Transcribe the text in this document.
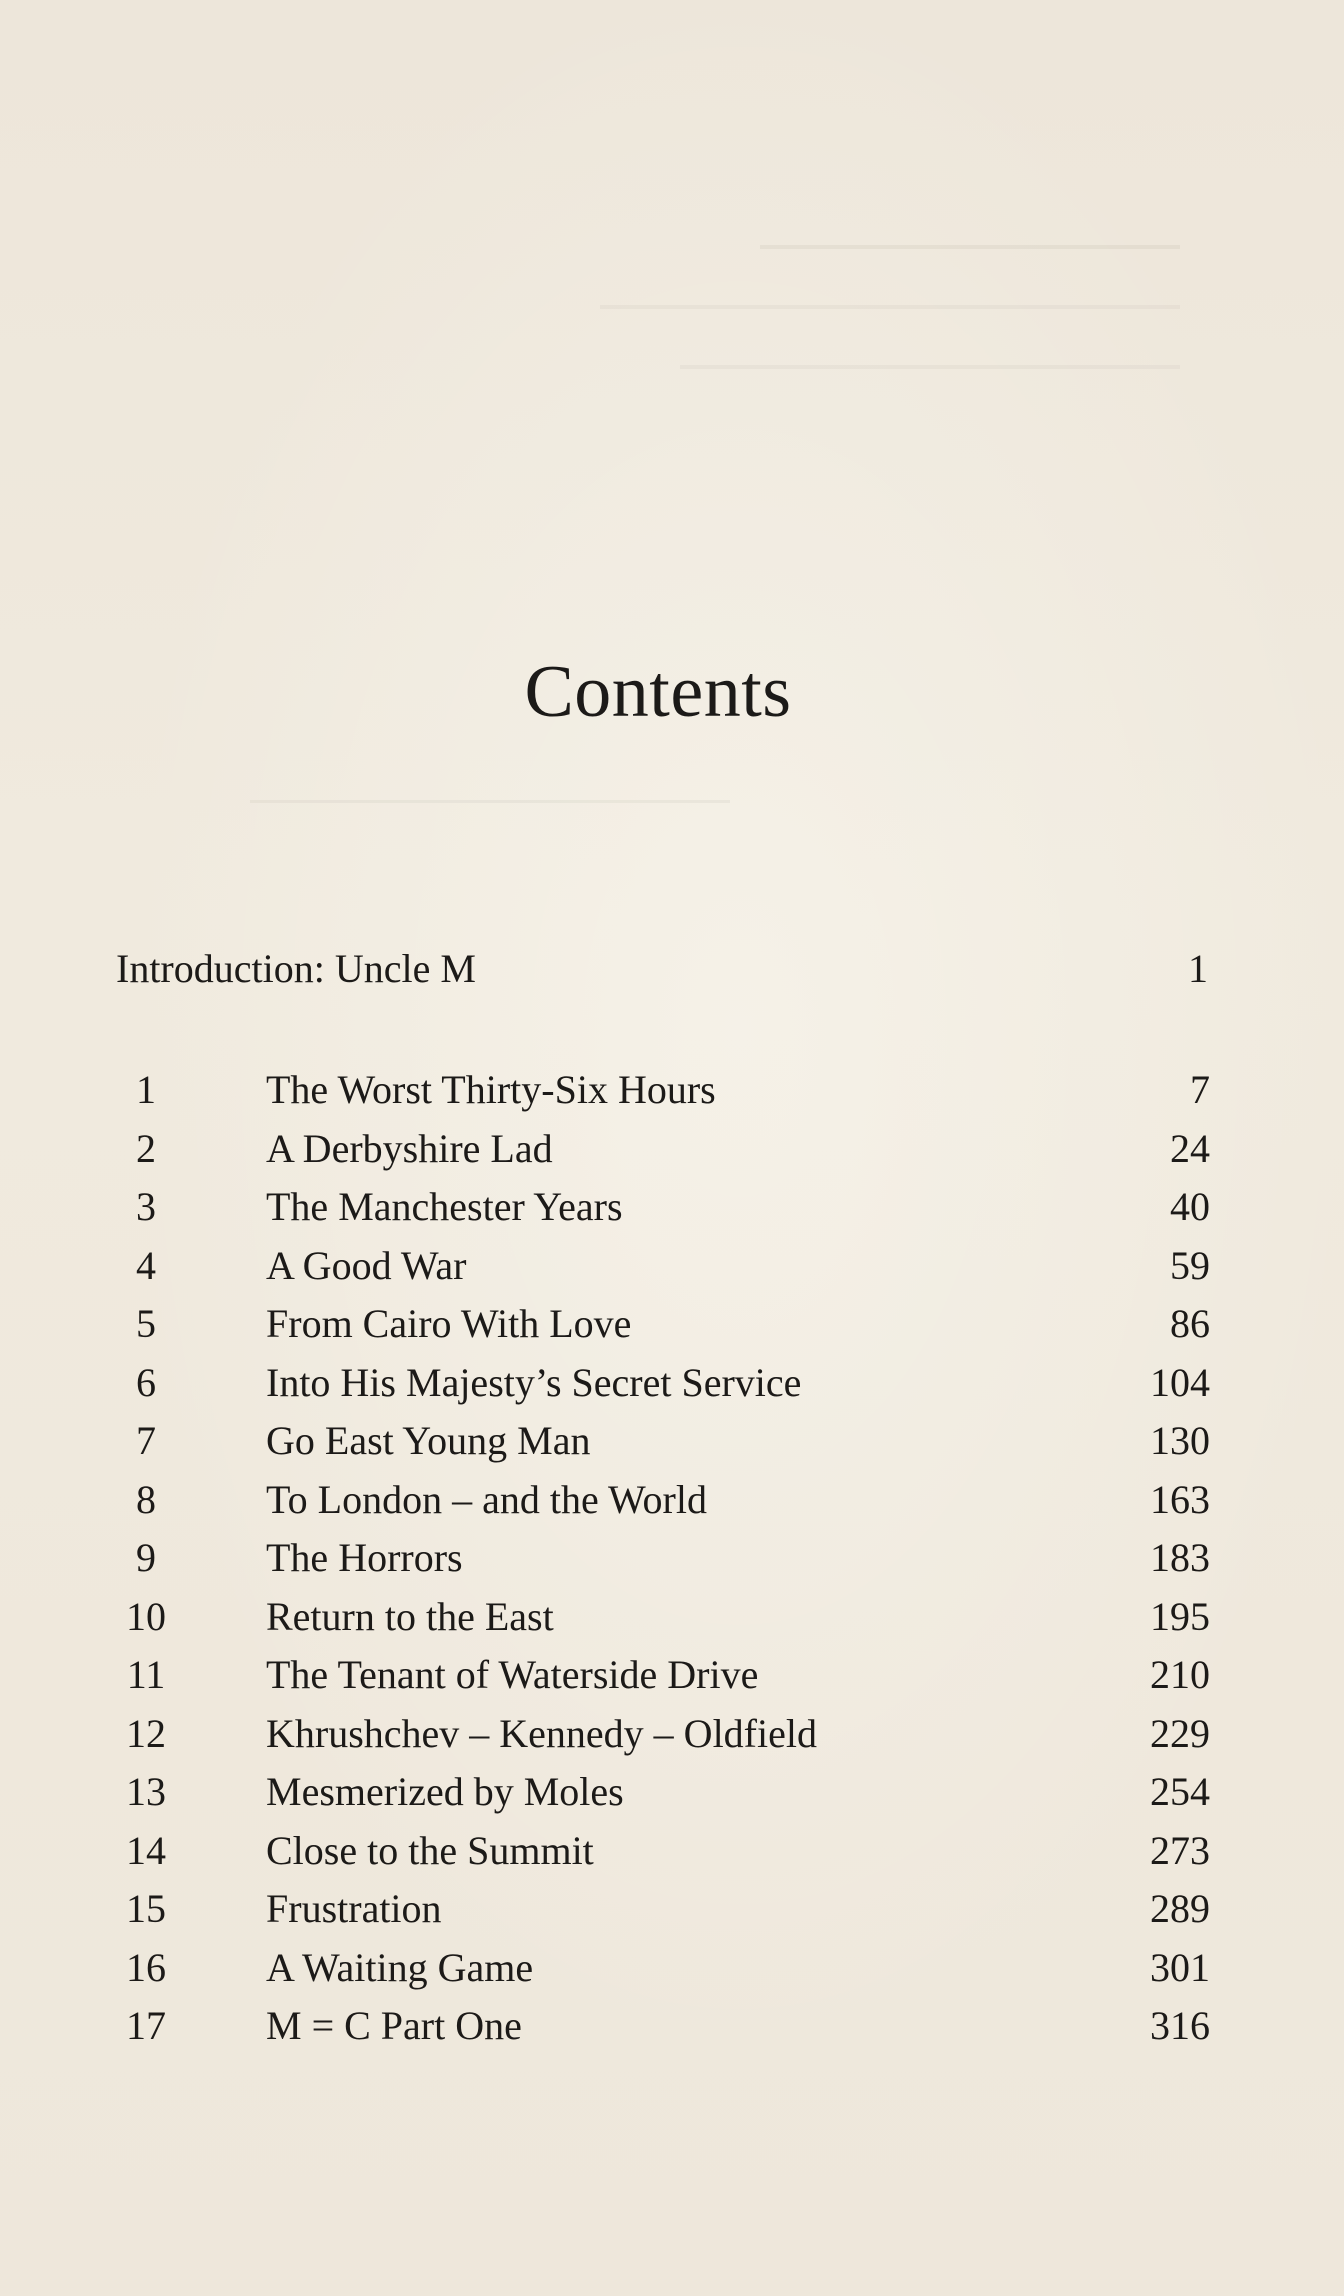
Contents
Introduction: Uncle M	1
1	The Worst Thirty-Six Hours	7
2	A Derbyshire Lad	24
3	The Manchester Years	40
4	A Good War	59
5	From Cairo With Love	86
6	Into His Majesty’s Secret Service	104
7	Go East Young Man	130
8	To London – and the World	163
9	The Horrors	183
10	Return to the East	195
11	The Tenant of Waterside Drive	210
12	Khrushchev – Kennedy – Oldfield	229
13	Mesmerized by Moles	254
14	Close to the Summit	273
15	Frustration	289
16	A Waiting Game	301
17	M = C Part One	316
